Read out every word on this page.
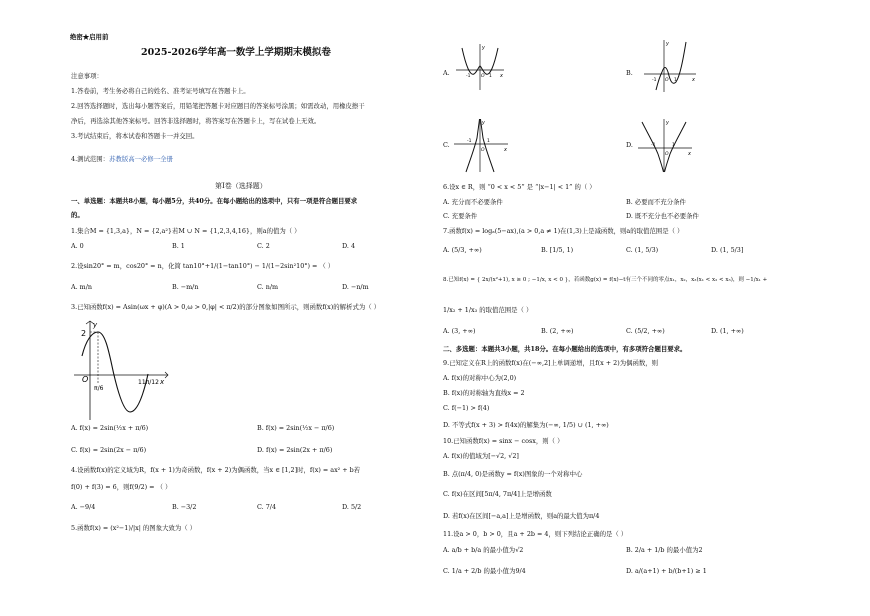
绝密★启用前
2025-2026学年高一数学上学期期末模拟卷
注意事项：
1.答卷前，考生务必将自己的姓名、准考证号填写在答题卡上。
2.回答选择题时，选出每小题答案后，用铅笔把答题卡对应题目的答案标号涂黑；如需改动，用橡皮擦干
净后，再选涂其他答案标号。回答非选择题时，将答案写在答题卡上，写在试卷上无效。
3.考试结束后，将本试卷和答题卡一并交回。
4.测试范围：苏教版高一必修一全册
第Ⅰ卷（选择题）
一、单选题：本题共8小题，每小题5分，共40分。在每小题给出的选项中，只有一项是符合题目要求
的。
1.集合M = {1,3,a}，N = {2,a²}若M ∪ N = {1,2,3,4,16}，则a的值为（ ）
A. 0	B. 1	C. 2	D. 4
2.设sin20° = m，cos20° = n，化简 tan10°+1/(1−tan10°) − 1/(1−2sin²10°) = （ ）
A. m/n	B. −m/n	C. n/m	D. −n/m
3.已知函数f(x) = Asin(ωx + φ)(A > 0,ω > 0,|φ| < π/2)的部分图象如图所示，则函数f(x)的解析式为（ ）
2
O
y
x
π/6
11π/12
A. f(x) = 2sin(½x + π/6)	B. f(x) = 2sin(½x − π/6)
C. f(x) = 2sin(2x − π/6)	D. f(x) = 2sin(2x + π/6)
4.设函数f(x)的定义域为R，f(x + 1)为奇函数，f(x + 2)为偶函数，当x ∈ [1,2]时，f(x) = ax² + b若
f(0) + f(3) = 6，则f(9/2) = （ ）
A. −9/4	B. −3/2	C. 7/4	D. 5/2
5.函数f(x) = (x²−1)/|x| 的图象大致为（ ）
A.
y
x
O
-1	1	B.
y
x
O
-1	1
C.
y
x
O
-1	1	D.
y
x
O
-1	1
6.设x ∈ R，则 “0 < x < 5” 是 “|x−1| < 1” 的（ ）
A. 充分而不必要条件	B. 必要而不充分条件
C. 充要条件	D. 既不充分也不必要条件
7.函数f(x) = logₐ(5−ax),(a > 0,a ≠ 1)在(1,3)上是减函数，则a的取值范围是（ ）
A. (5/3, +∞)	B. [1/5, 1)	C. (1, 5/3)	D. (1, 5/3]
8.已知f(x) = { 2x/(x²+1), x ≥ 0 ; −1/x, x < 0 }，若函数g(x) = f(x)−t有三个不同的零点x₁，x₂，x₃(x₁ < x₂ < x₃)，则 −1/x₁ +
1/x₂ + 1/x₃ 的取值范围是（ ）
A. (3, +∞)	B. (2, +∞)	C. (5/2, +∞)	D. (1, +∞)
二、多选题：本题共3小题，共18分。在每小题给出的选项中，有多项符合题目要求。
9.已知定义在R上的函数f(x)在(−∞,2]上单调递增，且f(x + 2)为偶函数，则
A. f(x)的对称中心为(2,0)
B. f(x)的对称轴为直线x = 2
C. f(−1) > f(4)
D. 不等式f(x + 3) > f(4x)的解集为(−∞, 1/5) ∪ (1, +∞)
10.已知函数f(x) = sinx − cosx，则（ ）
A. f(x)的值域为[−√2, √2]
B. 点(π/4, 0)是函数y = f(x)图象的一个对称中心
C. f(x)在区间[5π/4, 7π/4]上是增函数
D. 若f(x)在区间[−a,a]上是增函数，则a的最大值为π/4
11.设a > 0，b > 0，且a + 2b = 4，则下列结论正确的是（ ）
A. a/b + b/a 的最小值为√2	B. 2/a + 1/b 的最小值为2
C. 1/a + 2/b 的最小值为9/4	D. a/(a+1) + b/(b+1) ≥ 1
